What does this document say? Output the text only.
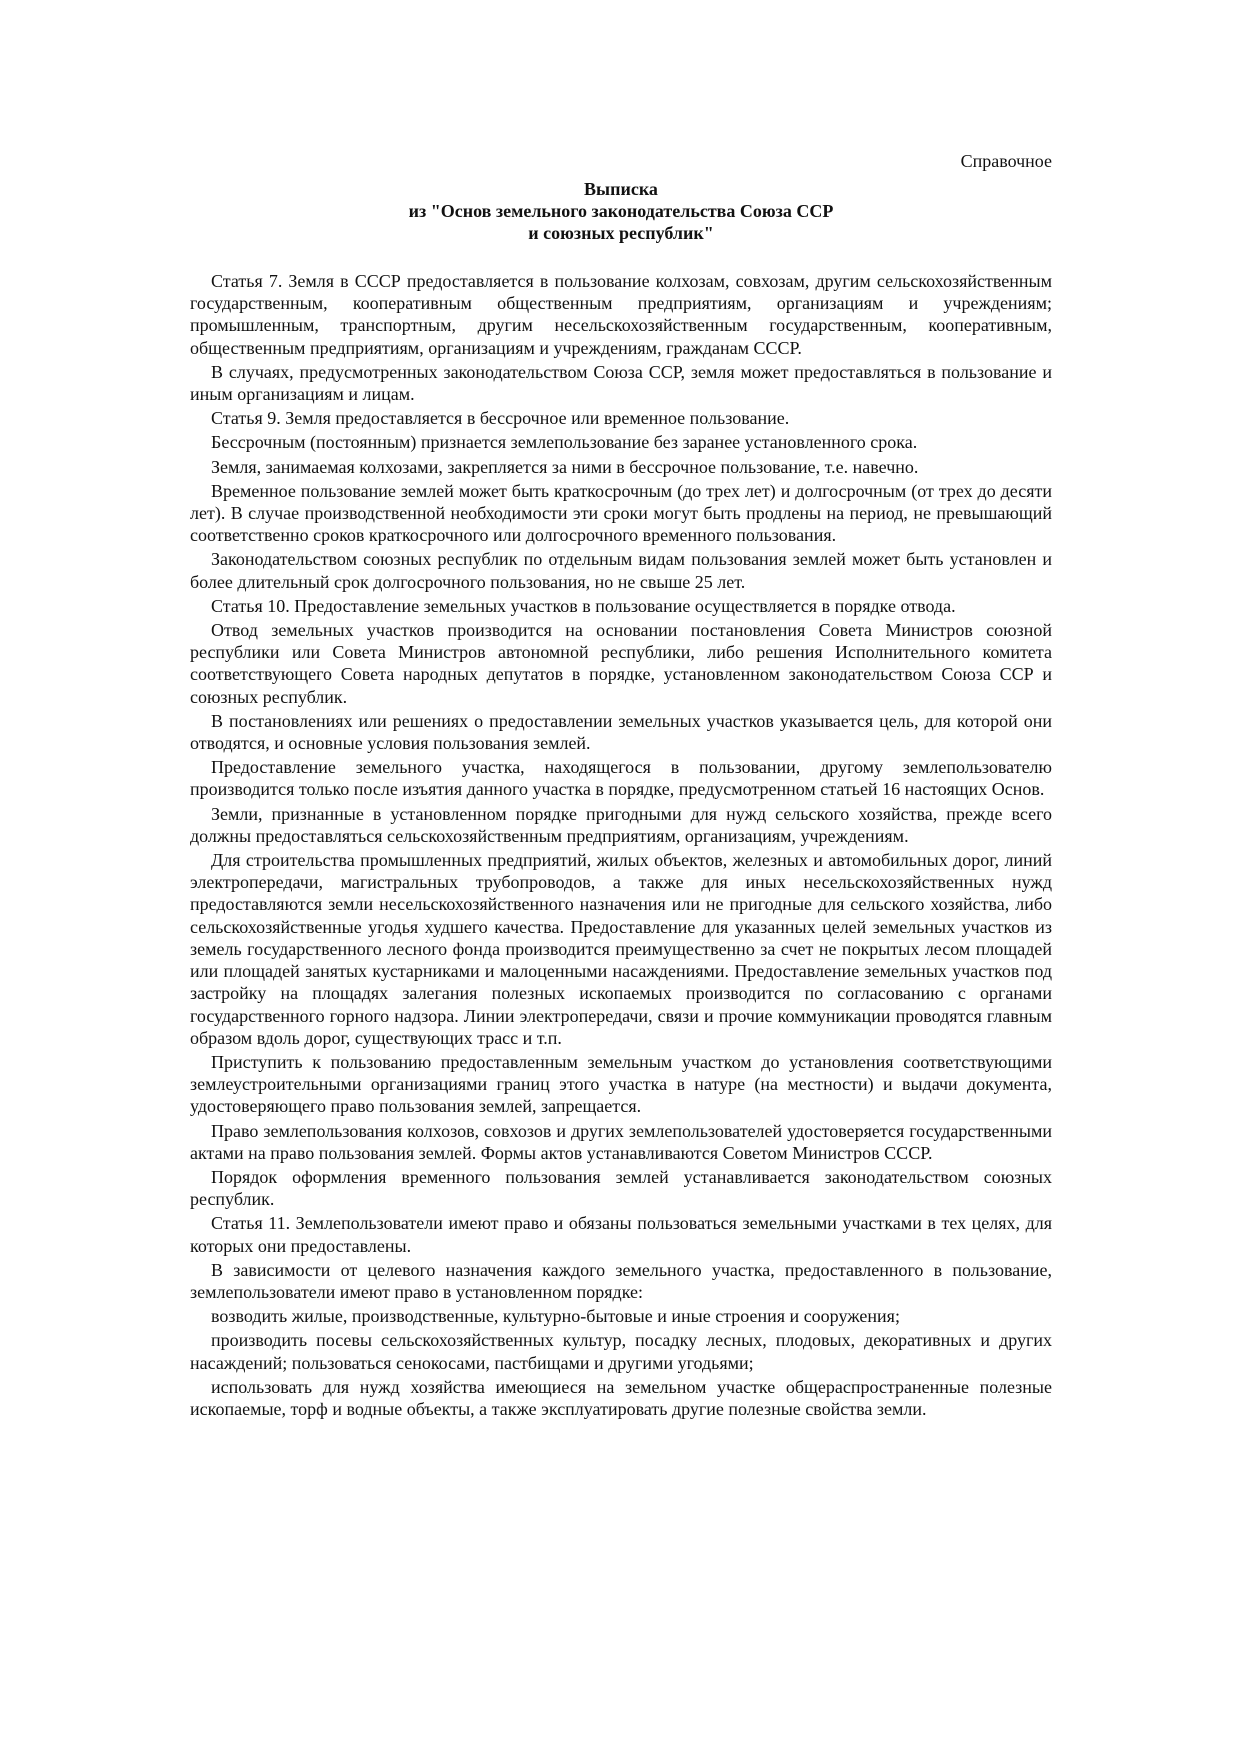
Справочное
Выписка
из "Основ земельного законодательства Союза ССР
и союзных республик"

Статья 7. Земля в СССР предоставляется в пользование колхозам, совхозам, другим сельскохозяйственным государственным, кооперативным общественным предприятиям, организациям и учреждениям; промышленным, транспортным, другим несельскохозяйственным государственным, кооперативным, общественным предприятиям, организациям и учреждениям, гражданам СССР.

В случаях, предусмотренных законодательством Союза ССР, земля может предоставляться в пользование и иным организациям и лицам.

Статья 9. Земля предоставляется в бессрочное или временное пользование.

Бессрочным (постоянным) признается землепользование без заранее установленного срока.

Земля, занимаемая колхозами, закрепляется за ними в бессрочное пользование, т.е. навечно.

Временное пользование землей может быть краткосрочным (до трех лет) и долгосрочным (от трех до десяти лет). В случае производственной необходимости эти сроки могут быть продлены на период, не превышающий соответственно сроков краткосрочного или долгосрочного временного пользования.

Законодательством союзных республик по отдельным видам пользования землей может быть установлен и более длительный срок долгосрочного пользования, но не свыше 25 лет.

Статья 10. Предоставление земельных участков в пользование осуществляется в порядке отвода.

Отвод земельных участков производится на основании постановления Совета Министров союзной республики или Совета Министров автономной республики, либо решения Исполнительного комитета соответствующего Совета народных депутатов в порядке, установленном законодательством Союза ССР и союзных республик.

В постановлениях или решениях о предоставлении земельных участков указывается цель, для которой они отводятся, и основные условия пользования землей.

Предоставление земельного участка, находящегося в пользовании, другому землепользователю производится только после изъятия данного участка в порядке, предусмотренном статьей 16 настоящих Основ.

Земли, признанные в установленном порядке пригодными для нужд сельского хозяйства, прежде всего должны предоставляться сельскохозяйственным предприятиям, организациям, учреждениям.

Для строительства промышленных предприятий, жилых объектов, железных и автомобильных дорог, линий электропередачи, магистральных трубопроводов, а также для иных несельскохозяйственных нужд предоставляются земли несельскохозяйственного назначения или не пригодные для сельского хозяйства, либо сельскохозяйственные угодья худшего качества. Предоставление для указанных целей земельных участков из земель государственного лесного фонда производится преимущественно за счет не покрытых лесом площадей или площадей занятых кустарниками и малоценными насаждениями. Предоставление земельных участков под застройку на площадях залегания полезных ископаемых производится по согласованию с органами государственного горного надзора. Линии электропередачи, связи и прочие коммуникации проводятся главным образом вдоль дорог, существующих трасс и т.п.

Приступить к пользованию предоставленным земельным участком до установления соответствующими землеустроительными организациями границ этого участка в натуре (на местности) и выдачи документа, удостоверяющего право пользования землей, запрещается.

Право землепользования колхозов, совхозов и других землепользователей удостоверяется государственными актами на право пользования землей. Формы актов устанавливаются Советом Министров СССР.

Порядок оформления временного пользования землей устанавливается законодательством союзных республик.

Статья 11. Землепользователи имеют право и обязаны пользоваться земельными участками в тех целях, для которых они предоставлены.

В зависимости от целевого назначения каждого земельного участка, предоставленного в пользование, землепользователи имеют право в установленном порядке:

возводить жилые, производственные, культурно-бытовые и иные строения и сооружения;

производить посевы сельскохозяйственных культур, посадку лесных, плодовых, декоративных и других насаждений; пользоваться сенокосами, пастбищами и другими угодьями;

использовать для нужд хозяйства имеющиеся на земельном участке общераспространенные полезные ископаемые, торф и водные объекты, а также эксплуатировать другие полезные свойства земли.
